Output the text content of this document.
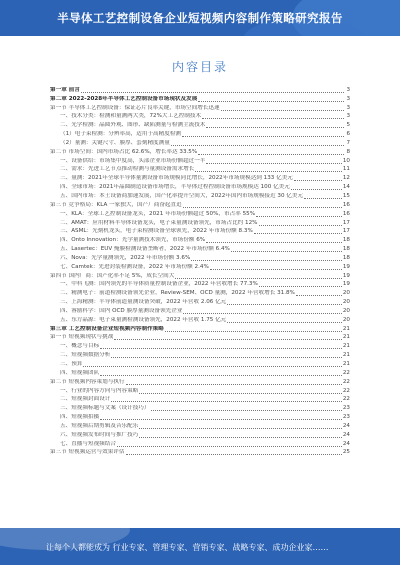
半导体工艺控制设备企业短视频内容制作策略研究报告
内容目录
第一章 前言	3
第二章 2022-2028年半导体工艺控制设备市场现状及发展	3
第一节 半导体工艺控制设备：保证芯片良率关键，市场空间增长迅速	3
一、技术分类：检测和量测两大类，72%大工艺控制技术	3
二、光学检测：晶圆外观、图形、缺陷测量与检测主流技术	5
（1）电子束检测：分辨率高，适用于高精度检测	6
（2）量测：关键尺寸、膜厚、套刻精度测量	7
第二节 市场空间：国内市场占比 62.6%，增长率达 33.5%	8
一、设备供给：市场集中度高，头部企业市场份额超过一半	10
二、需求：先进工艺节点推动检测与量测设备需求增长	11
三、量测：2021年全球半导体量测设备市场规模同比增长，2022年市场规模达到 133 亿美元	12
四、全球市场：2021年晶圆制造设备市场增长，半导体过程控制设备市场规模达 100 亿美元	14
五、国内市场：本土设备商加速发展，国产化率提升空间大，2022年国内市场规模接近 30 亿美元	15
第三节 竞争格局：KLA 一家独大，国产厂商奋起直追	16
一、KLA：全球工艺控制设备龙头，2021 年市场份额超过 50%，市占率 55%	16
二、AMAT：应用材料半导体设备龙头，电子束量测设备领先，市场占比约 12%	17
三、ASML：光刻机龙头，电子束检测设备全球领先，2022 年市场份额 8.3%	17
四、Onto Innovation：光学量测技术领先，市场份额 6%	18
五、Lasertec：EUV 掩膜检测设备垄断者，2022 年市场份额 6.4%	18
六、Nova：光学量测领先，2022 年市场份额 3.6%	18
七、Camtek：先进封装检测设备，2022 年市场份额 2.4%	19
第四节 国内厂商：国产化率不足 5%，成长空间大	19
一、中科飞测：国内领先的半导体质量控制设备企业，2022 年营收增长 77.3%	19
二、精测电子：前道检测设备领先企业，Review-SEM、OCD 量测，2022 年营收增长 31.8%	20
三、上海精测：半导体前道量测设备突破，2022 年营收 2.06 亿元	20
四、睿励科学：国内 OCD 膜厚量测设备领先企业	20
五、东方晶源：电子束量测检测设备领先，2022 年营收 1.75 亿元	20
第三章 工艺控制设备企业短视频内容制作策略	21
第一节 短视频现状与挑战	21
一、概念与目标	21
二、短视频数据分析	21
三、预算	21
四、短视频团队	22
第二节 短视频内容策划与执行	22
一、行业的内容方向与内容策略	22
二、短视频封面设计	22
三、短视频标题与文案（设计技巧）	23
四、短视频拍摄	23
五、短视频后期剪辑及音乐配乐	24
六、短视频发布时间与推广技巧	24
七、直播与短视频结合	24
第三节 短视频运营与效果评估	25
让每个人都能成为 行业专家、管理专家、营销专家、战略专家、成功企业家……
